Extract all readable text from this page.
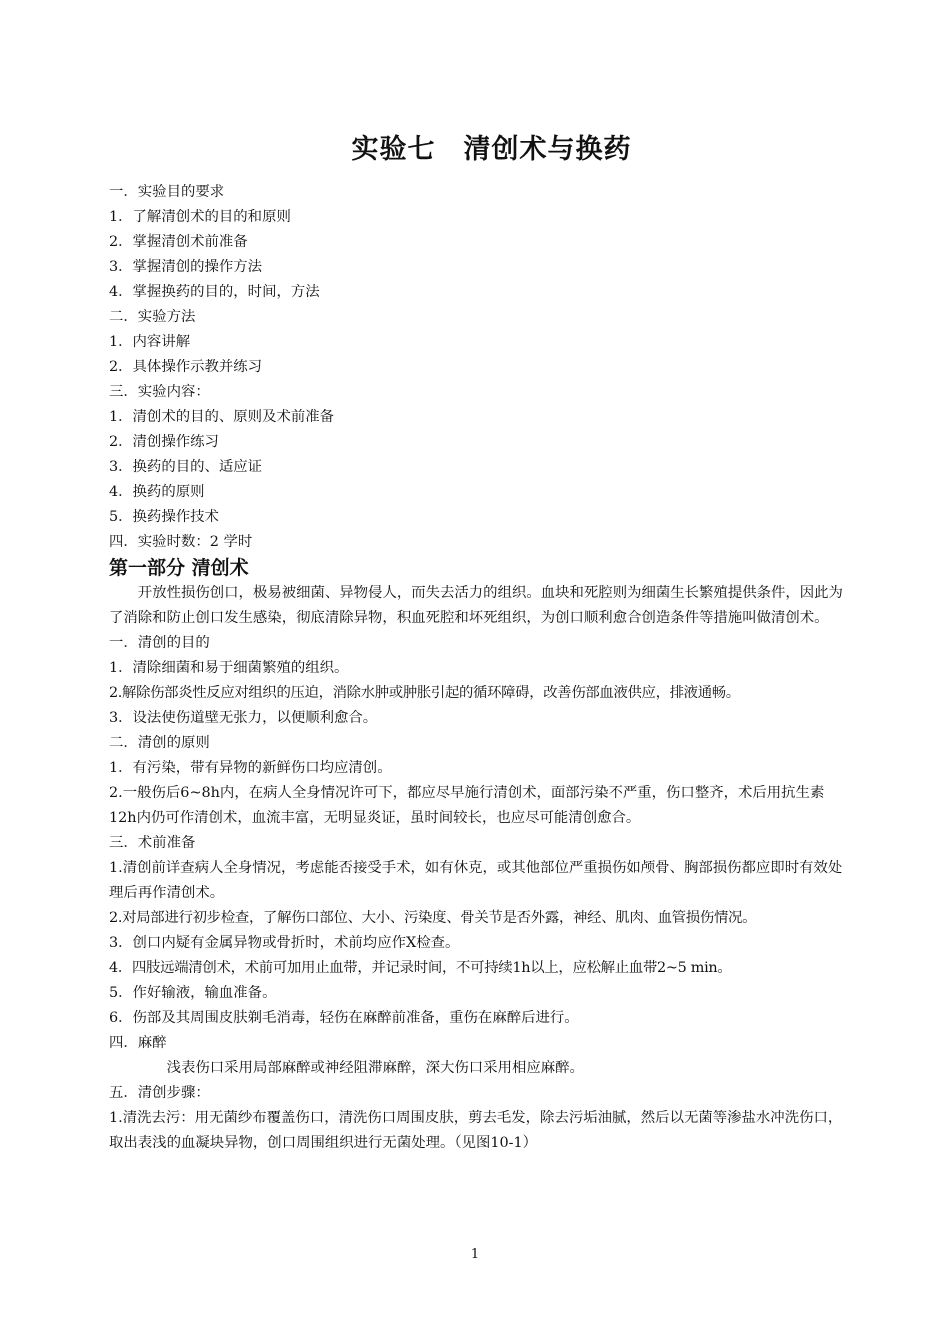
实验七　清创术与换药
一．实验目的要求
1．了解清创术的目的和原则
2．掌握清创术前准备
3．掌握清创的操作方法
4．掌握换药的目的，时间，方法
二．实验方法
1．内容讲解
2．具体操作示教并练习
三．实验内容：
1．清创术的目的、原则及术前准备
2．清创操作练习
3．换药的目的、适应证
4．换药的原则
5．换药操作技术
四．实验时数：2 学时
第一部分 清创术
开放性损伤创口，极易被细菌、异物侵人，而失去活力的组织。血块和死腔则为细菌生长繁殖提供条件，因此为了消除和防止创口发生感染，彻底清除异物，积血死腔和坏死组织，为创口顺利愈合创造条件等措施叫做清创术。
一．清创的目的
1．清除细菌和易于细菌繁殖的组织。
2.解除伤部炎性反应对组织的压迫，消除水肿或肿胀引起的循环障碍，改善伤部血液供应，排液通畅。
3．设法使伤道壁无张力，以便顺利愈合。
二．清创的原则
1．有污染，带有异物的新鲜伤口均应清创。
2.一般伤后6~8h内，在病人全身情况许可下，都应尽早施行清创术，面部污染不严重，伤口整齐，术后用抗生素12h内仍可作清创术，血流丰富，无明显炎证，虽时间较长，也应尽可能清创愈合。
三．术前准备
1.清创前详查病人全身情况，考虑能否接受手术，如有休克，或其他部位严重损伤如颅骨、胸部损伤都应即时有效处理后再作清创术。
2.对局部进行初步检查，了解伤口部位、大小、污染度、骨关节是否外露，神经、肌肉、血管损伤情况。
3．创口内疑有金属异物或骨折时，术前均应作X检查。
4．四肢远端清创术，术前可加用止血带，并记录时间，不可持续1h以上，应松解止血带2~5 min。
5．作好输液，输血准备。
6．伤部及其周围皮肤剃毛消毒，轻伤在麻醉前准备，重伤在麻醉后进行。
四．麻醉
浅表伤口采用局部麻醉或神经阻滞麻醉，深大伤口采用相应麻醉。
五．清创步骤：
1.清洗去污：用无菌纱布覆盖伤口，清洗伤口周围皮肤，剪去毛发，除去污垢油腻，然后以无菌等渗盐水冲洗伤口，取出表浅的血凝块异物，创口周围组织进行无菌处理。（见图10-1）
1
